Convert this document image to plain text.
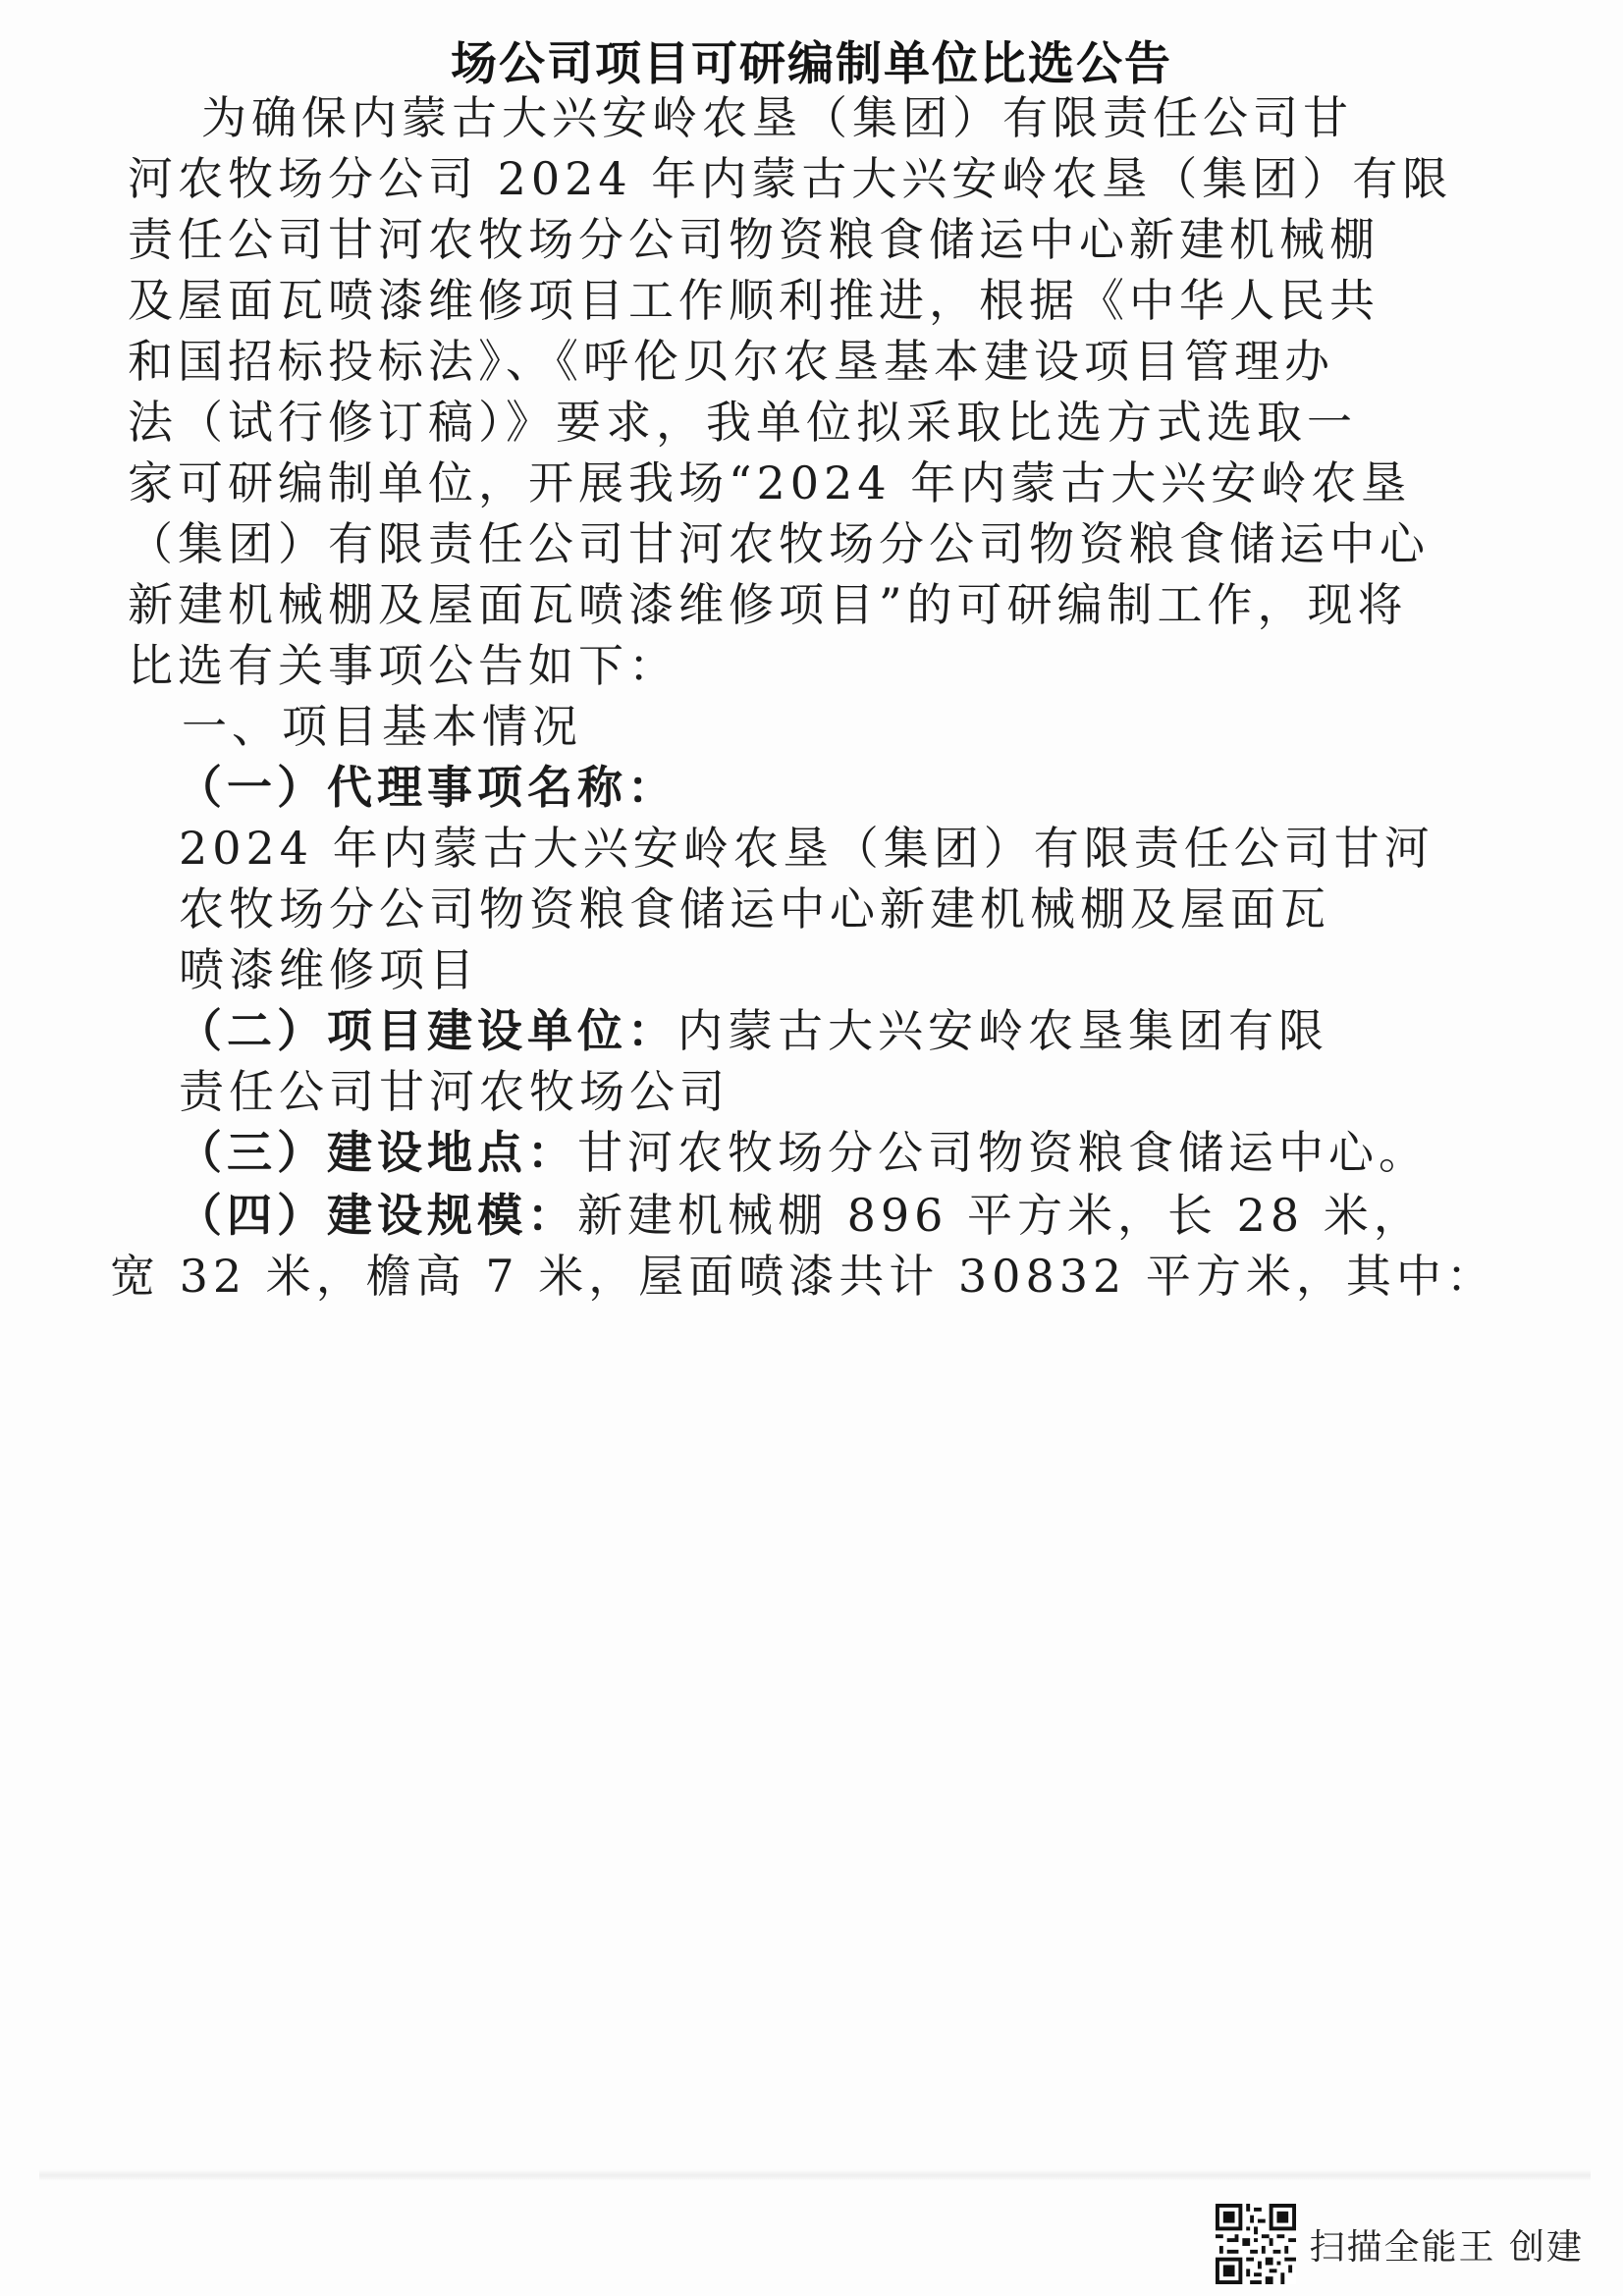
场公司项目可研编制单位比选公告
为确保内蒙古大兴安岭农垦（集团）有限责任公司甘
河农牧场分公司 2024 年内蒙古大兴安岭农垦（集团）有限
责任公司甘河农牧场分公司物资粮食储运中心新建机械棚
及屋面瓦喷漆维修项目工作顺利推进，根据《中华人民共
和国招标投标法》、《呼伦贝尔农垦基本建设项目管理办
法（试行修订稿）》要求，我单位拟采取比选方式选取一
家可研编制单位，开展我场“2024 年内蒙古大兴安岭农垦
（集团）有限责任公司甘河农牧场分公司物资粮食储运中心
新建机械棚及屋面瓦喷漆维修项目”的可研编制工作，现将
比选有关事项公告如下：
一、项目基本情况
（一）代理事项名称：
2024 年内蒙古大兴安岭农垦（集团）有限责任公司甘河
农牧场分公司物资粮食储运中心新建机械棚及屋面瓦
喷漆维修项目
（二）项目建设单位：内蒙古大兴安岭农垦集团有限
责任公司甘河农牧场公司
（三）建设地点：甘河农牧场分公司物资粮食储运中心。
（四）建设规模：新建机械棚 896 平方米，长 28 米，
宽 32 米，檐高 7 米，屋面喷漆共计 30832 平方米，其中：
扫描全能王 创建
